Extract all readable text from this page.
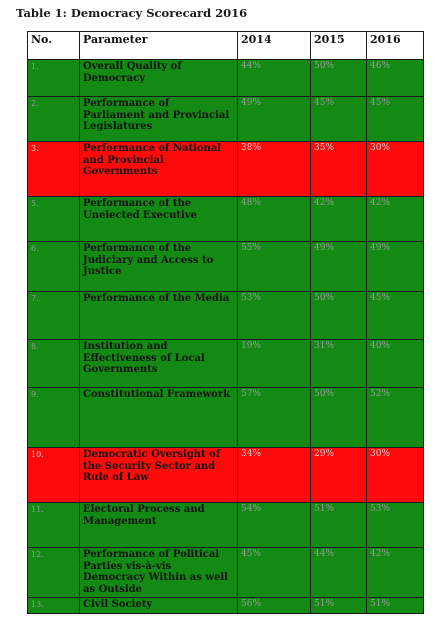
Table 1: Democracy Scorecard 2016
No.	Parameter	2014	2015	2016
1.	Overall Quality of Democracy	44%	50%	46%
2.	Performance of Parliament and Provincial Legislatures	49%	45%	45%
3.	Performance of National and Provincial Governments	38%	35%	30%
5.	Performance of the Unelected Executive	48%	42%	42%
6.	Performance of the Judiciary and Access to Justice	55%	49%	49%
7.	Performance of the Media	53%	50%	45%
8.	Institution and Effectiveness of Local Governments	19%	31%	40%
9.	Constitutional Framework	57%	50%	52%
10.	Democratic Oversight of the Security Sector and Rule of Law	34%	29%	30%
11.	Electoral Process and Management	54%	51%	53%
12.	Performance of Political Parties vis-à-vis Democracy Within as well as Outside	45%	44%	42%
13.	Civil Society	56%	51%	51%
